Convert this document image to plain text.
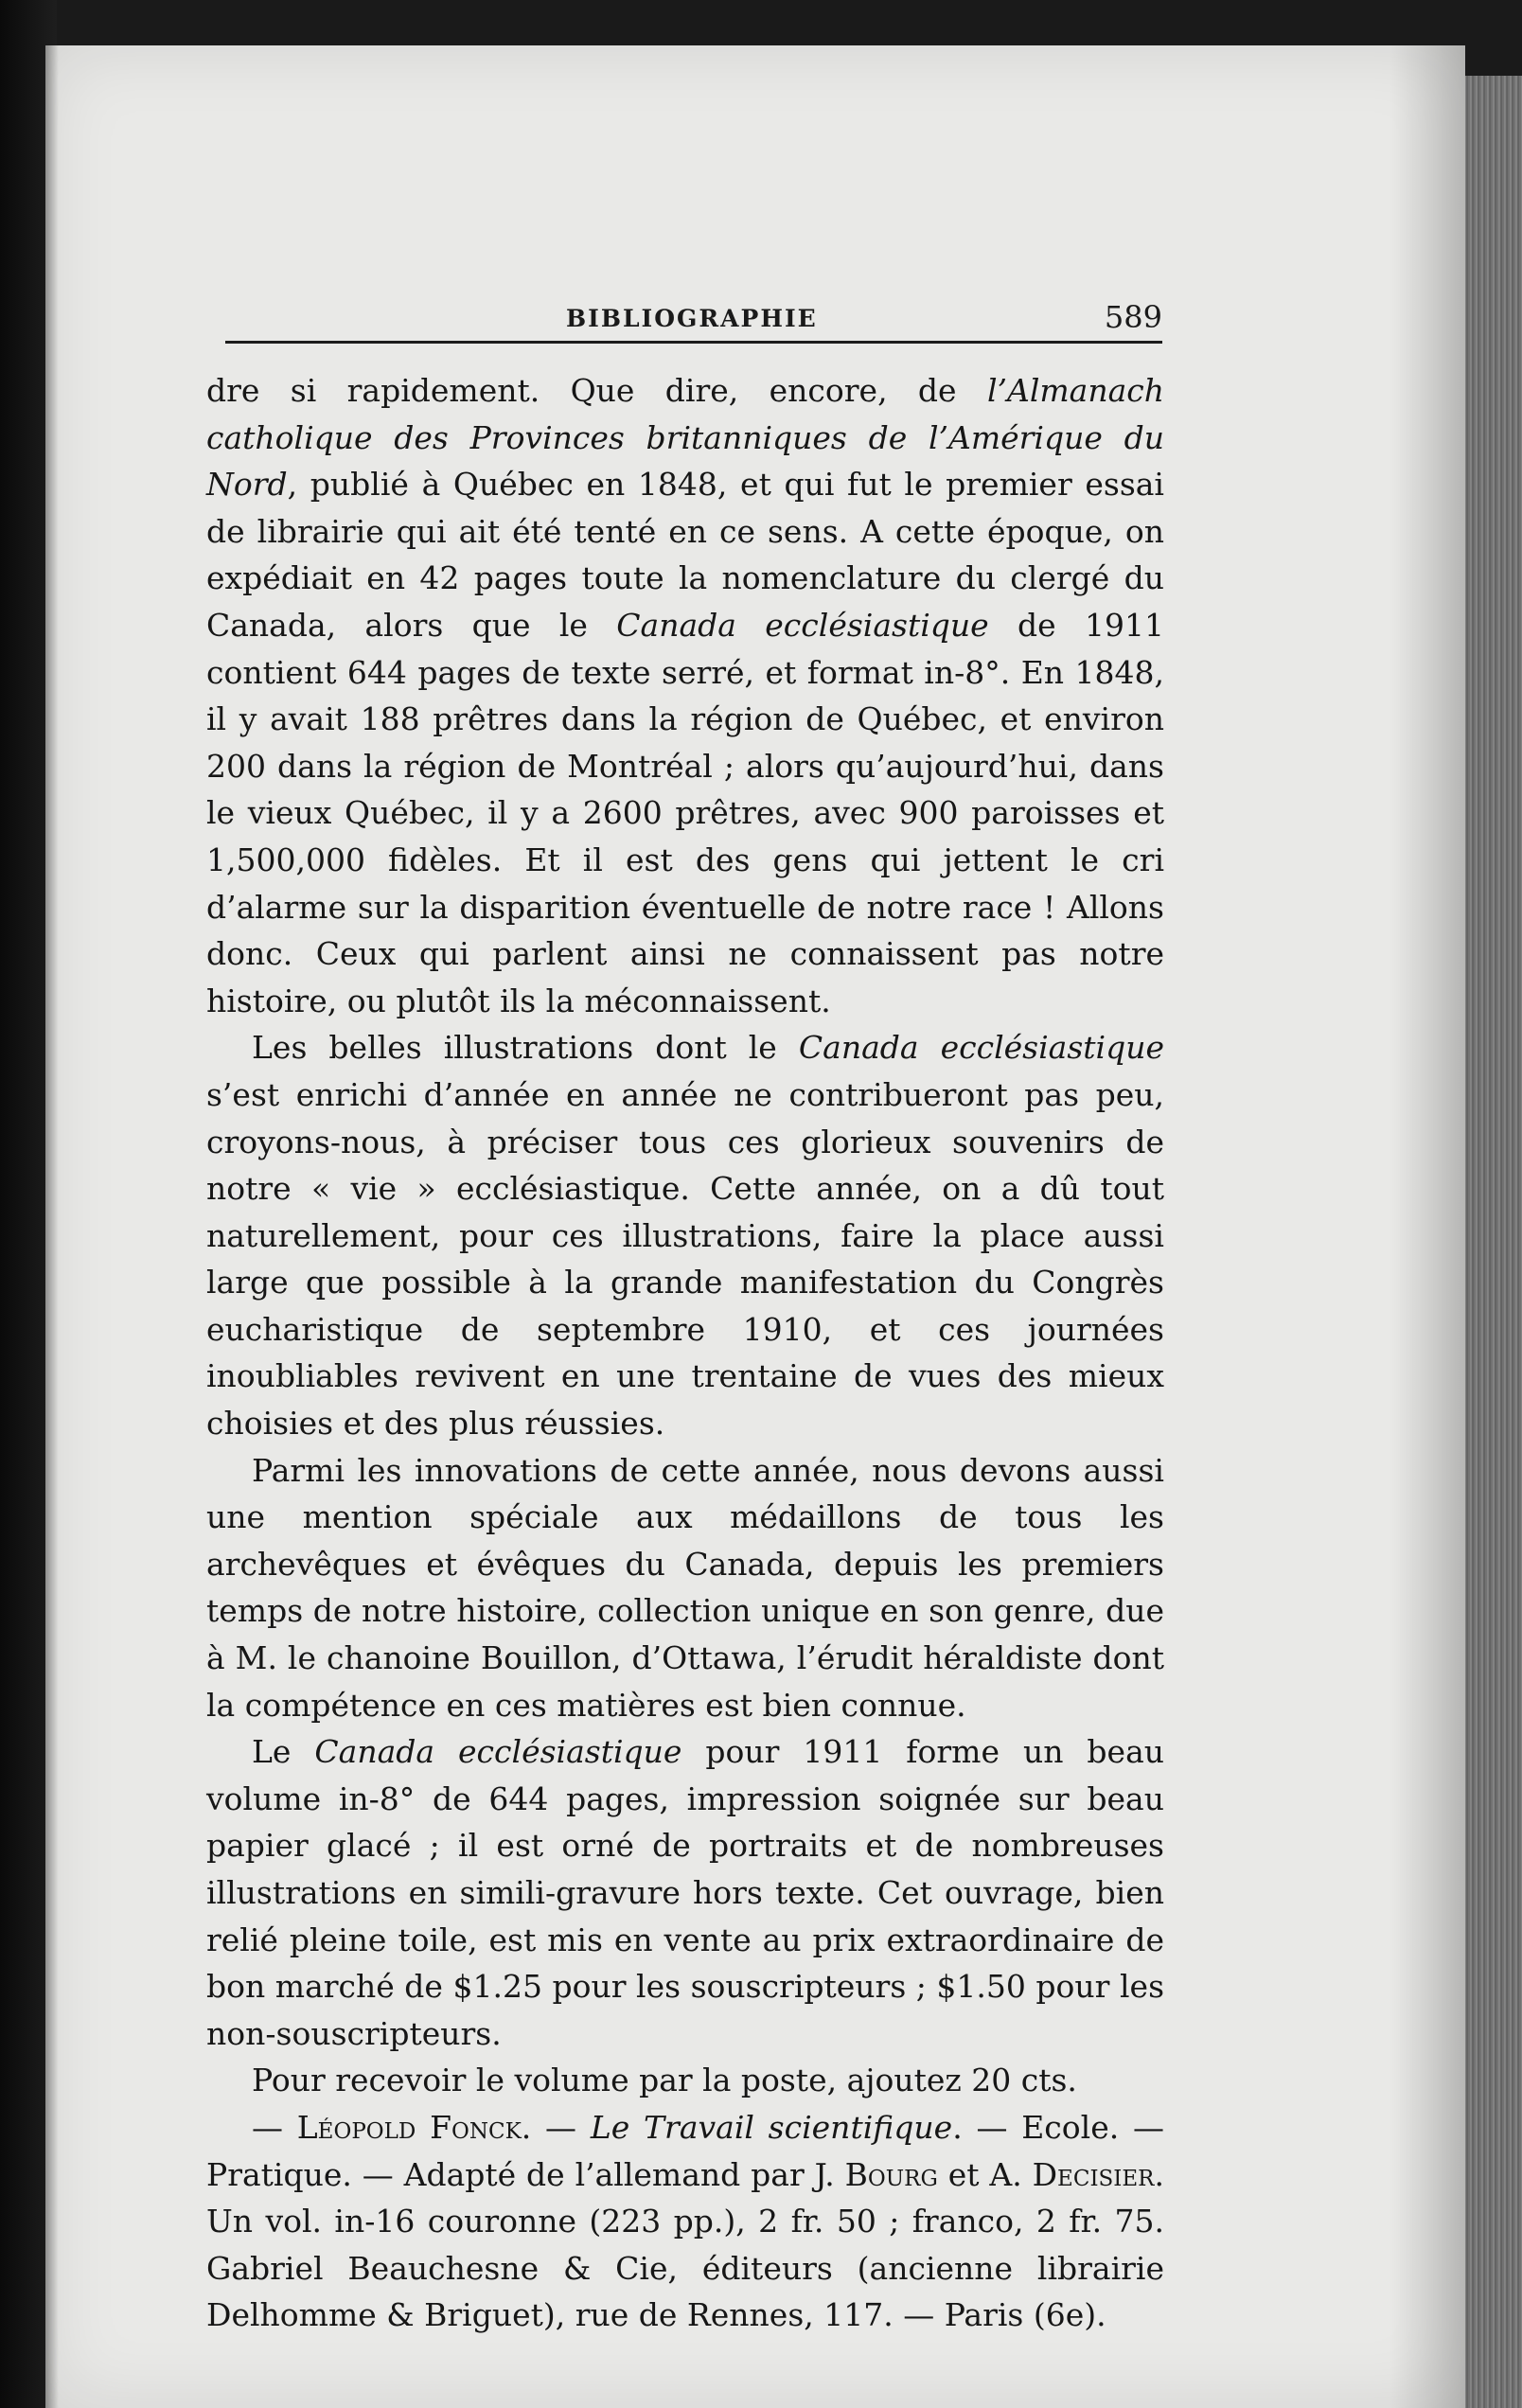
BIBLIOGRAPHIE	589

dre si rapidement. Que dire, encore, de l’Almanach catholique des Provinces britanniques de l’Amérique du Nord, publié à Québec en 1848, et qui fut le premier essai de librairie qui ait été tenté en ce sens. A cette époque, on expédiait en 42 pages toute la nomenclature du clergé du Canada, alors que le Canada ecclésiastique de 1911 contient 644 pages de texte serré, et format in-8°. En 1848, il y avait 188 prêtres dans la région de Québec, et environ 200 dans la région de Montréal ; alors qu’aujourd’hui, dans le vieux Québec, il y a 2600 prêtres, avec 900 paroisses et 1,500,000 fidèles. Et il est des gens qui jettent le cri d’alarme sur la disparition éventuelle de notre race ! Allons donc. Ceux qui parlent ainsi ne connaissent pas notre histoire, ou plutôt ils la méconnaissent.

Les belles illustrations dont le Canada ecclésiastique s’est enrichi d’année en année ne contribueront pas peu, croyons-nous, à préciser tous ces glorieux souvenirs de notre « vie » ecclésiastique. Cette année, on a dû tout naturellement, pour ces illustrations, faire la place aussi large que possible à la grande manifestation du Congrès eucharistique de septembre 1910, et ces journées inoubliables revivent en une trentaine de vues des mieux choisies et des plus réussies.

Parmi les innovations de cette année, nous devons aussi une mention spéciale aux médaillons de tous les archevêques et évêques du Canada, depuis les premiers temps de notre histoire, collection unique en son genre, due à M. le chanoine Bouillon, d’Ottawa, l’érudit héraldiste dont la compétence en ces matières est bien connue.

Le Canada ecclésiastique pour 1911 forme un beau volume in-8° de 644 pages, impression soignée sur beau papier glacé ; il est orné de portraits et de nombreuses illustrations en simili-gravure hors texte. Cet ouvrage, bien relié pleine toile, est mis en vente au prix extraordinaire de bon marché de $1.25 pour les souscripteurs ; $1.50 pour les non-souscripteurs.

Pour recevoir le volume par la poste, ajoutez 20 cts.

— Léopold Fonck. — Le Travail scientifique. — Ecole. — Pratique. — Adapté de l’allemand par J. Bourg et A. Decisier. Un vol. in-16 couronne (223 pp.), 2 fr. 50 ; franco, 2 fr. 75. Gabriel Beauchesne & Cie, éditeurs (ancienne librairie Delhomme & Briguet), rue de Rennes, 117. — Paris (6e).
